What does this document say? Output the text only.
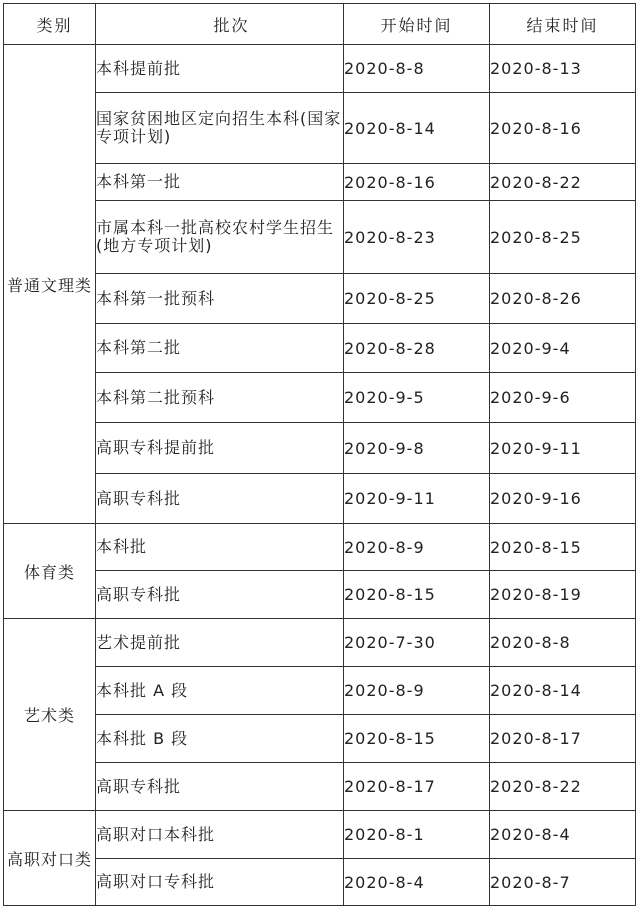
类别	批次	开始时间	结束时间
普通文理类	本科提前批	2020-8-8	2020-8-13
	国家贫困地区定向招生本科(国家专项计划)	2020-8-14	2020-8-16
	本科第一批	2020-8-16	2020-8-22
	市属本科一批高校农村学生招生(地方专项计划)	2020-8-23	2020-8-25
	本科第一批预科	2020-8-25	2020-8-26
	本科第二批	2020-8-28	2020-9-4
	本科第二批预科	2020-9-5	2020-9-6
	高职专科提前批	2020-9-8	2020-9-11
	高职专科批	2020-9-11	2020-9-16
体育类	本科批	2020-8-9	2020-8-15
	高职专科批	2020-8-15	2020-8-19
艺术类	艺术提前批	2020-7-30	2020-8-8
	本科批 A 段	2020-8-9	2020-8-14
	本科批 B 段	2020-8-15	2020-8-17
	高职专科批	2020-8-17	2020-8-22
高职对口类	高职对口本科批	2020-8-1	2020-8-4
	高职对口专科批	2020-8-4	2020-8-7
